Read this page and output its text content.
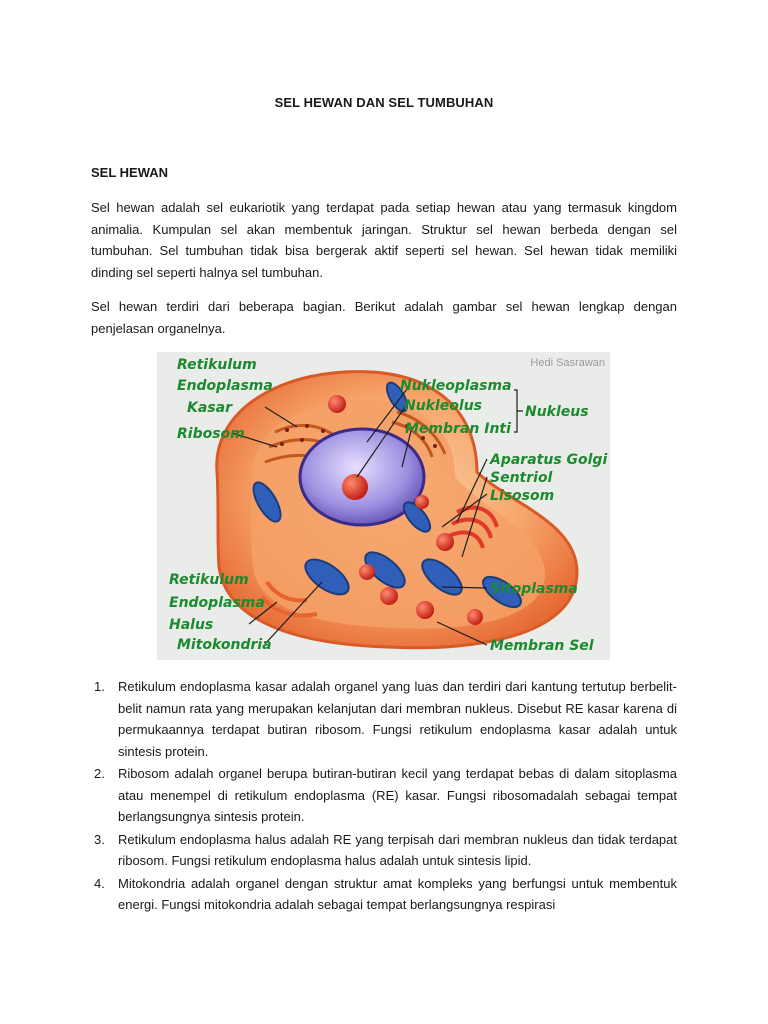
SEL HEWAN DAN SEL TUMBUHAN
SEL HEWAN

Sel hewan adalah sel eukariotik yang terdapat pada setiap hewan atau yang termasuk kingdom animalia. Kumpulan sel akan membentuk jaringan. Struktur sel hewan berbeda dengan sel tumbuhan. Sel tumbuhan tidak bisa bergerak aktif seperti sel hewan. Sel hewan tidak memiliki dinding sel seperti halnya sel tumbuhan.

Sel hewan terdiri dari beberapa bagian. Berikut adalah gambar sel hewan lengkap dengan penjelasan organelnya.

Retikulum
Endoplasma
Kasar
Ribosom
Nukleoplasma
Nukleolus
Membran Inti
Nukleus
Aparatus Golgi
Sentriol
Lisosom
Retikulum
Endoplasma
Halus
Mitokondria
Sitoplasma
Membran Sel
Hedi Sasrawan
1. Retikulum endoplasma kasar adalah organel yang luas dan terdiri dari kantung tertutup berbelit-belit namun rata yang merupakan kelanjutan dari membran nukleus. Disebut RE kasar karena di permukaannya terdapat butiran ribosom. Fungsi retikulum endoplasma kasar adalah untuk sintesis protein.
2. Ribosom adalah organel berupa butiran-butiran kecil yang terdapat bebas di dalam sitoplasma atau menempel di retikulum endoplasma (RE) kasar. Fungsi ribosomadalah sebagai tempat berlangsungnya sintesis protein.
3. Retikulum endoplasma halus adalah RE yang terpisah dari membran nukleus dan tidak terdapat ribosom. Fungsi retikulum endoplasma halus adalah untuk sintesis lipid.
4. Mitokondria adalah organel dengan struktur amat kompleks yang berfungsi untuk membentuk energi. Fungsi mitokondria adalah sebagai tempat berlangsungnya respirasi
